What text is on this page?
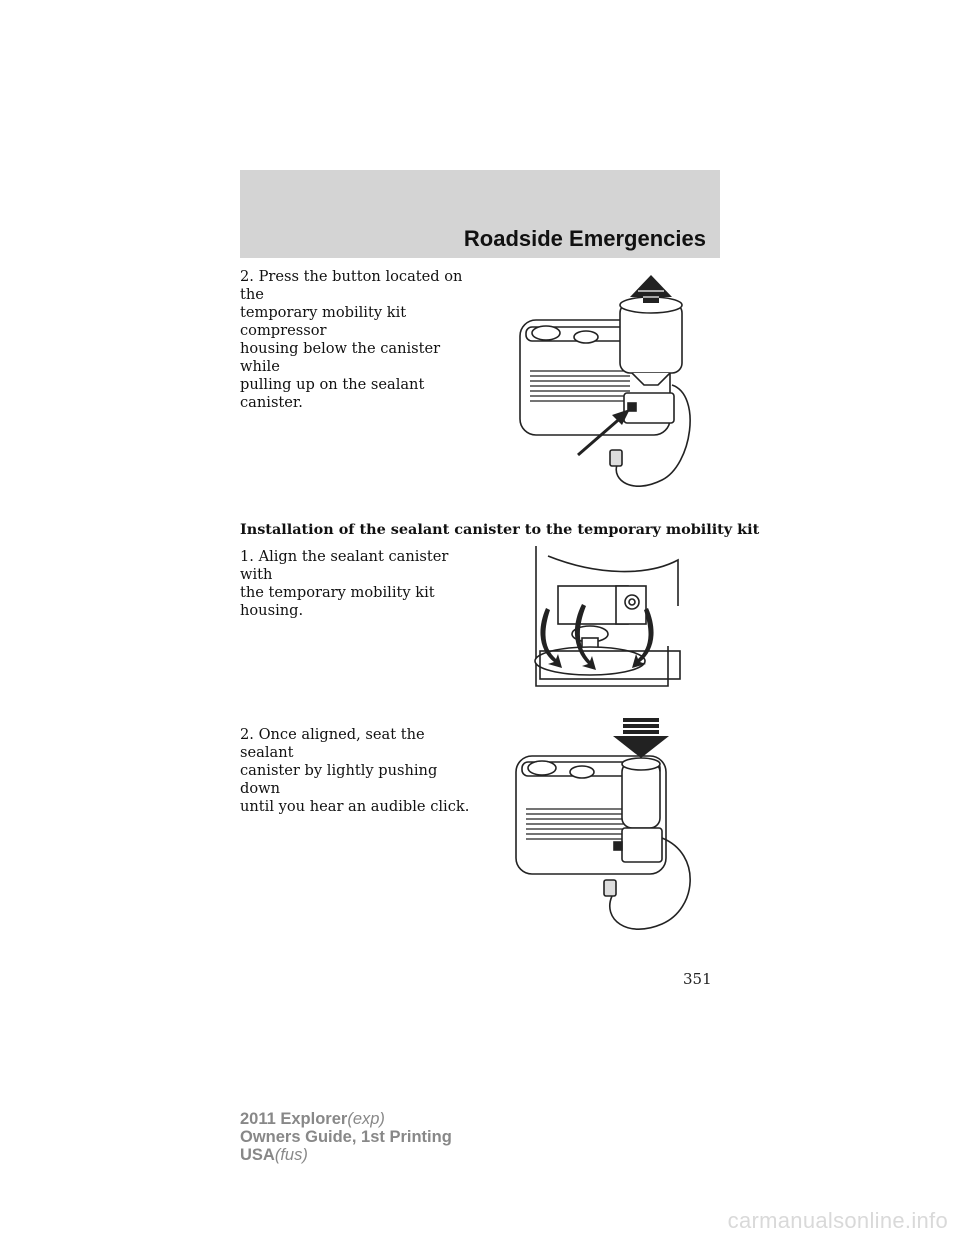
Roadside Emergencies
2. Press the button located on the
temporary mobility kit compressor
housing below the canister while
pulling up on the sealant canister.
Installation of the sealant canister to the temporary mobility kit
1. Align the sealant canister with
the temporary mobility kit housing.
2. Once aligned, seat the sealant
canister by lightly pushing down
until you hear an audible click.
351
2011 Explorer(exp)
Owners Guide, 1st Printing
USA(fus)
carmanualsonline.info
